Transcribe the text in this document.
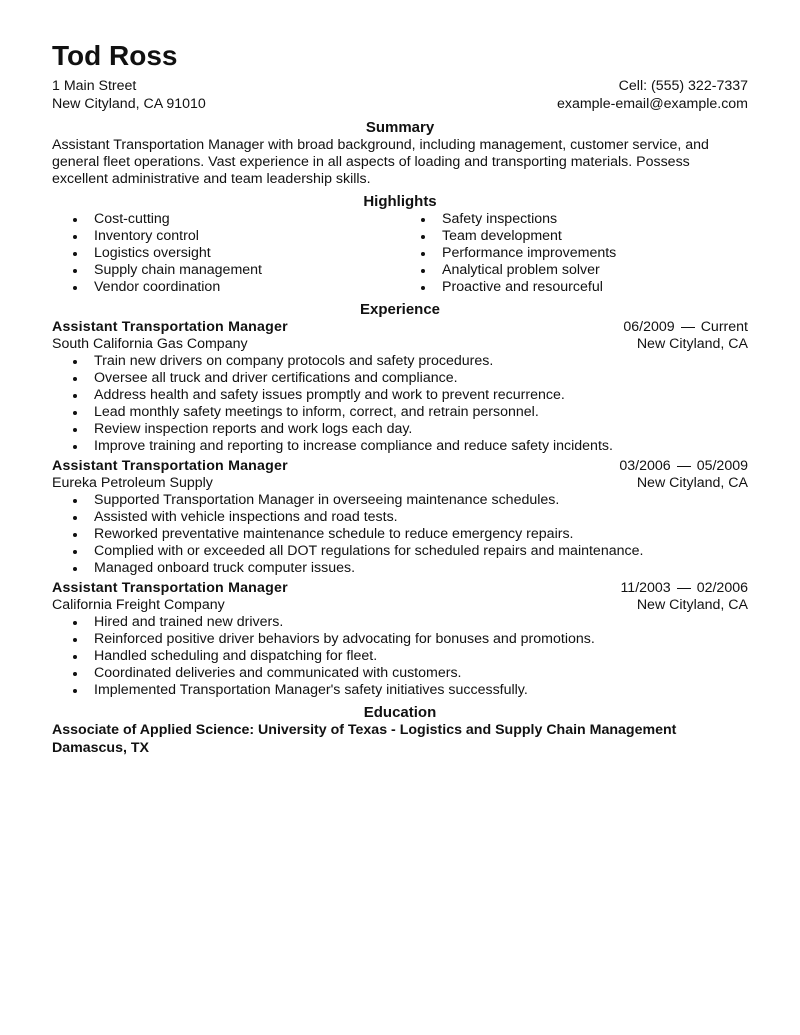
Tod Ross
1 Main Street	Cell: (555) 322-7337
New Cityland, CA 91010	example-email@example.com
Summary

Assistant Transportation Manager with broad background, including management, customer service, and general fleet operations. Vast experience in all aspects of loading and transporting materials. Possess excellent administrative and team leadership skills.

Highlights
Cost-cutting
Inventory control
Logistics oversight
Supply chain management
Vendor coordination
Safety inspections
Team development
Performance improvements
Analytical problem solver
Proactive and resourceful
Experience
Assistant Transportation Manager	06/2009 Current
South California Gas Company	New Cityland, CA
Train new drivers on company protocols and safety procedures.
Oversee all truck and driver certifications and compliance.
Address health and safety issues promptly and work to prevent recurrence.
Lead monthly safety meetings to inform, correct, and retrain personnel.
Review inspection reports and work logs each day.
Improve training and reporting to increase compliance and reduce safety incidents.
Assistant Transportation Manager	03/2006 05/2009
Eureka Petroleum Supply	New Cityland, CA
Supported Transportation Manager in overseeing maintenance schedules.
Assisted with vehicle inspections and road tests.
Reworked preventative maintenance schedule to reduce emergency repairs.
Complied with or exceeded all DOT regulations for scheduled repairs and maintenance.
Managed onboard truck computer issues.
Assistant Transportation Manager	11/2003 02/2006
California Freight Company	New Cityland, CA
Hired and trained new drivers.
Reinforced positive driver behaviors by advocating for bonuses and promotions.
Handled scheduling and dispatching for fleet.
Coordinated deliveries and communicated with customers.
Implemented Transportation Manager's safety initiatives successfully.
Education
Associate of Applied Science: University of Texas - Logistics and Supply Chain Management
Damascus, TX
